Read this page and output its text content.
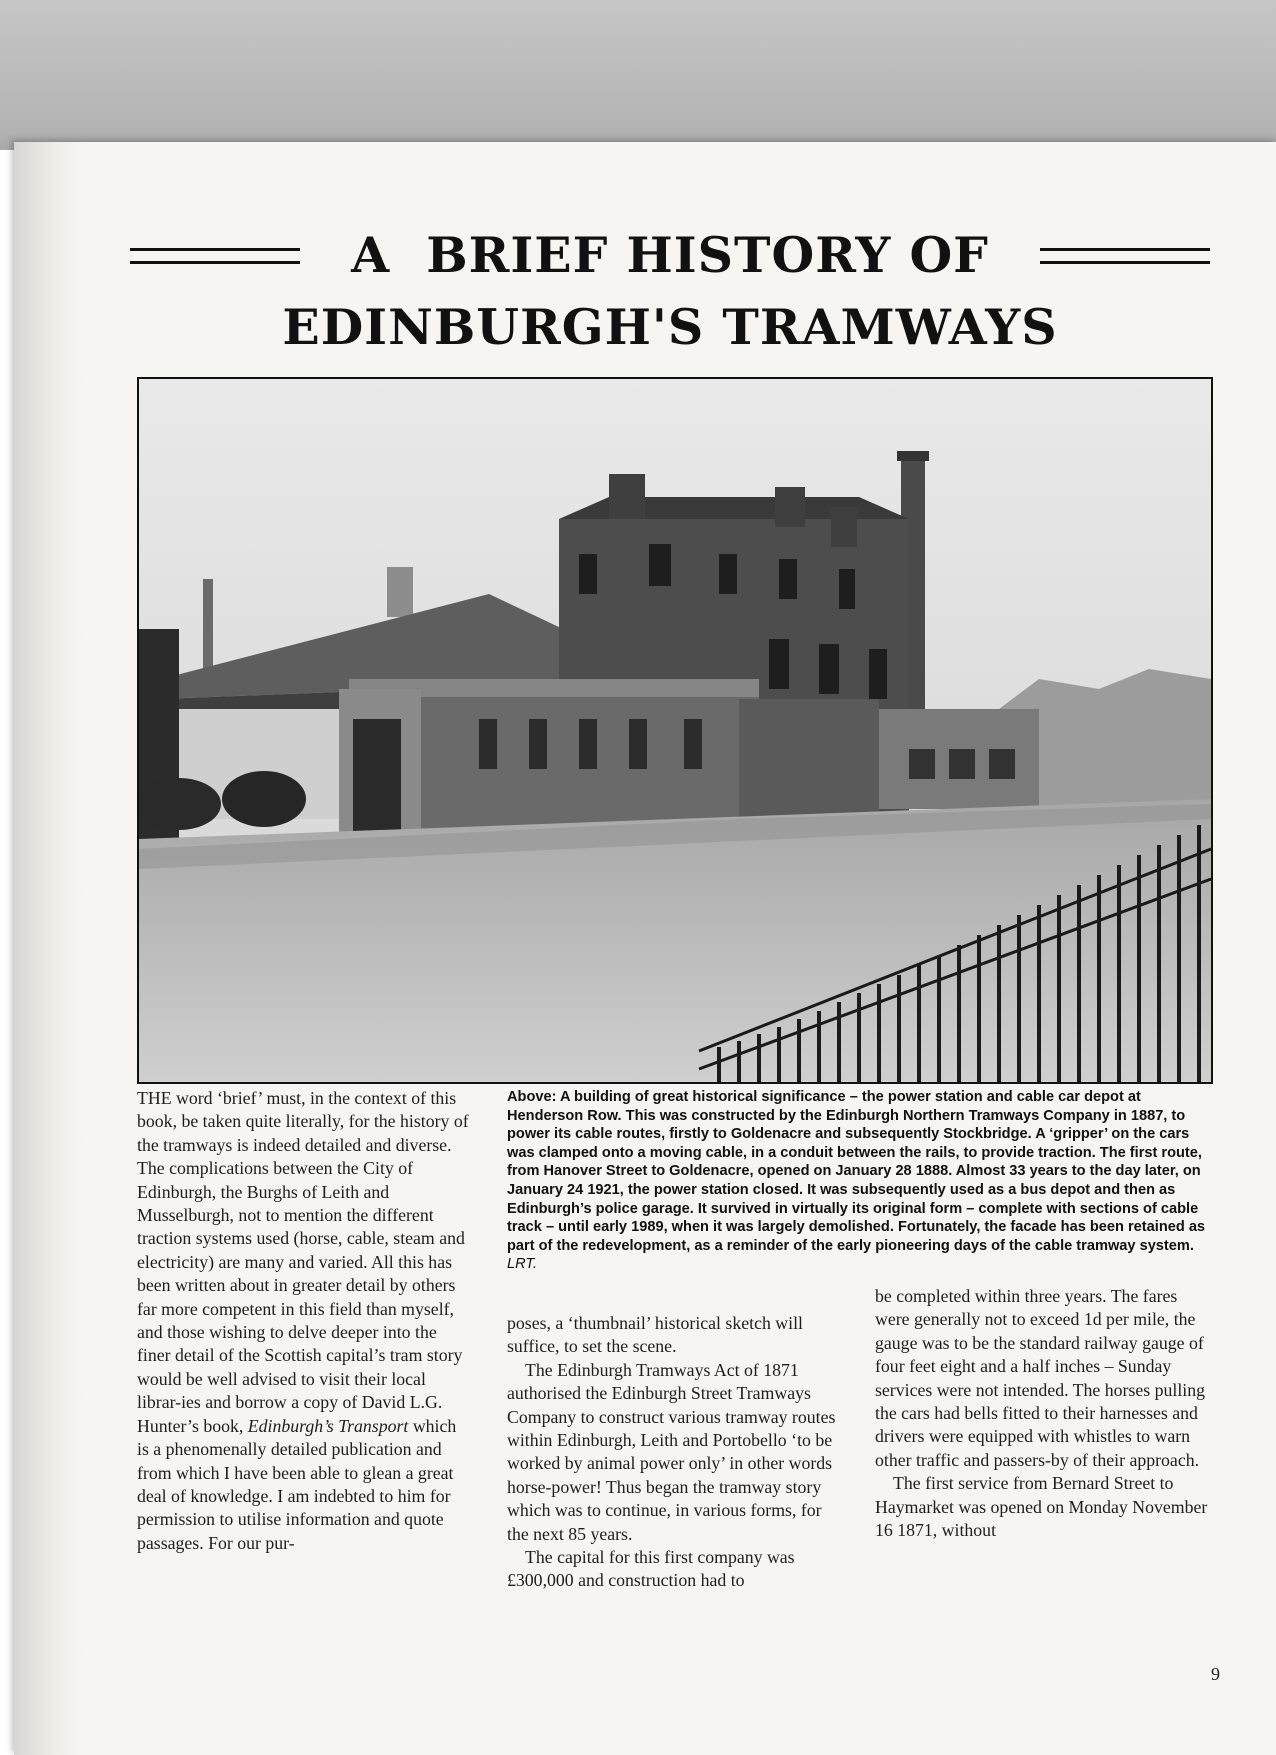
A  BRIEF HISTORY OF
EDINBURGH'S TRAMWAYS

THE word ‘brief’ must, in the context of this book, be taken quite literally, for the history of the tramways is indeed detailed and diverse. The complications between the City of Edinburgh, the Burghs of Leith and Musselburgh, not to mention the different traction systems used (horse, cable, steam and electricity) are many and varied. All this has been written about in greater detail by others far more competent in this field than myself, and those wishing to delve deeper into the finer detail of the Scottish capital’s tram story would be well advised to visit their local librar-ies and borrow a copy of David L.G. Hunter’s book, Edinburgh’s Transport which is a phenomenally detailed publication and from which I have been able to glean a great deal of knowledge. I am indebted to him for permission to utilise information and quote passages. For our pur-

Above: A building of great historical significance – the power station and cable car depot at Henderson Row. This was constructed by the Edinburgh Northern Tramways Company in 1887, to power its cable routes, firstly to Goldenacre and subsequently Stockbridge. A ‘gripper’ on the cars was clamped onto a moving cable, in a conduit between the rails, to provide traction. The first route, from Hanover Street to Goldenacre, opened on January 28 1888. Almost 33 years to the day later, on January 24 1921, the power station closed. It was subsequently used as a bus depot and then as Edinburgh’s police garage. It survived in virtually its original form – complete with sections of cable track – until early 1989, when it was largely demolished. Fortunately, the facade has been retained as part of the redevelopment, as a reminder of the early pioneering days of the cable tramway system. LRT.

poses, a ‘thumbnail’ historical sketch will suffice, to set the scene.

The Edinburgh Tramways Act of 1871 authorised the Edinburgh Street Tramways Company to construct various tramway routes within Edinburgh, Leith and Portobello ‘to be worked by animal power only’ in other words horse-power! Thus began the tramway story which was to continue, in various forms, for the next 85 years.

The capital for this first company was £300,000 and construction had to

be completed within three years. The fares were generally not to exceed 1d per mile, the gauge was to be the standard railway gauge of four feet eight and a half inches – Sunday services were not intended. The horses pulling the cars had bells fitted to their harnesses and drivers were equipped with whistles to warn other traffic and passers-by of their approach.

The first service from Bernard Street to Haymarket was opened on Monday November 16 1871, without

9
